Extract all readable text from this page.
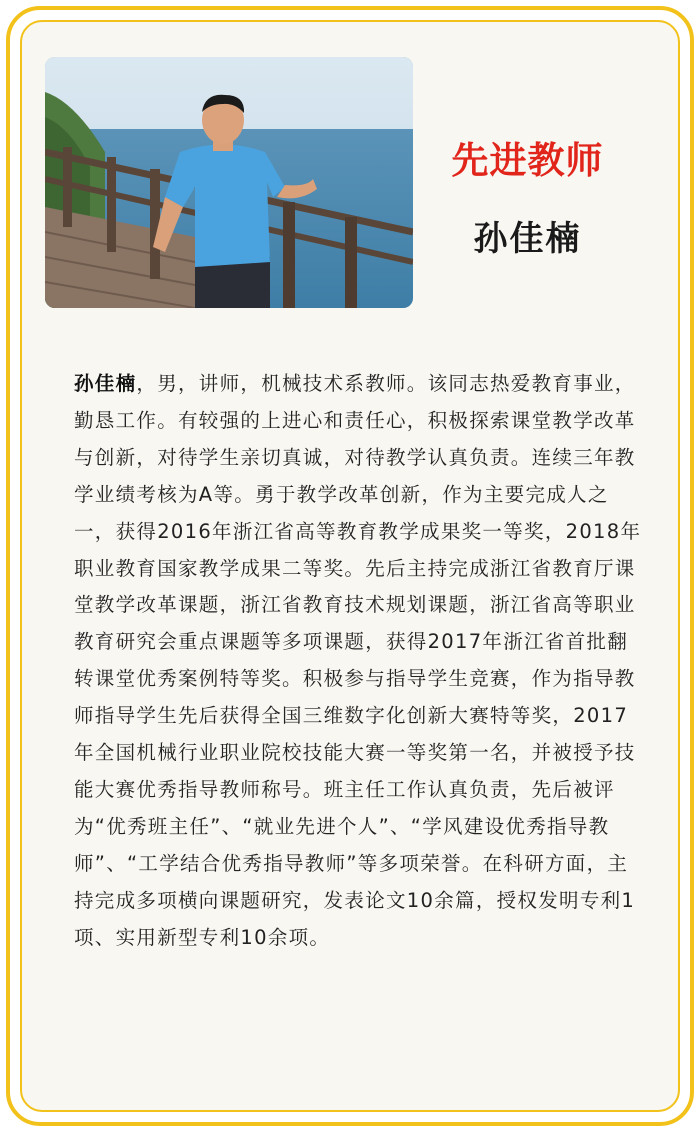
先进教师
孙佳楠

孙佳楠，男，讲师，机械技术系教师。该同志热爱教育事业，勤恳工作。有较强的上进心和责任心，积极探索课堂教学改革与创新，对待学生亲切真诚，对待教学认真负责。连续三年教学业绩考核为A等。勇于教学改革创新，作为主要完成人之一，获得2016年浙江省高等教育教学成果奖一等奖，2018年职业教育国家教学成果二等奖。先后主持完成浙江省教育厅课堂教学改革课题，浙江省教育技术规划课题，浙江省高等职业教育研究会重点课题等多项课题，获得2017年浙江省首批翻转课堂优秀案例特等奖。积极参与指导学生竞赛，作为指导教师指导学生先后获得全国三维数字化创新大赛特等奖，2017年全国机械行业职业院校技能大赛一等奖第一名，并被授予技能大赛优秀指导教师称号。班主任工作认真负责，先后被评为“优秀班主任”、“就业先进个人”、“学风建设优秀指导教师”、“工学结合优秀指导教师”等多项荣誉。在科研方面，主持完成多项横向课题研究，发表论文10余篇，授权发明专利1项、实用新型专利10余项。
